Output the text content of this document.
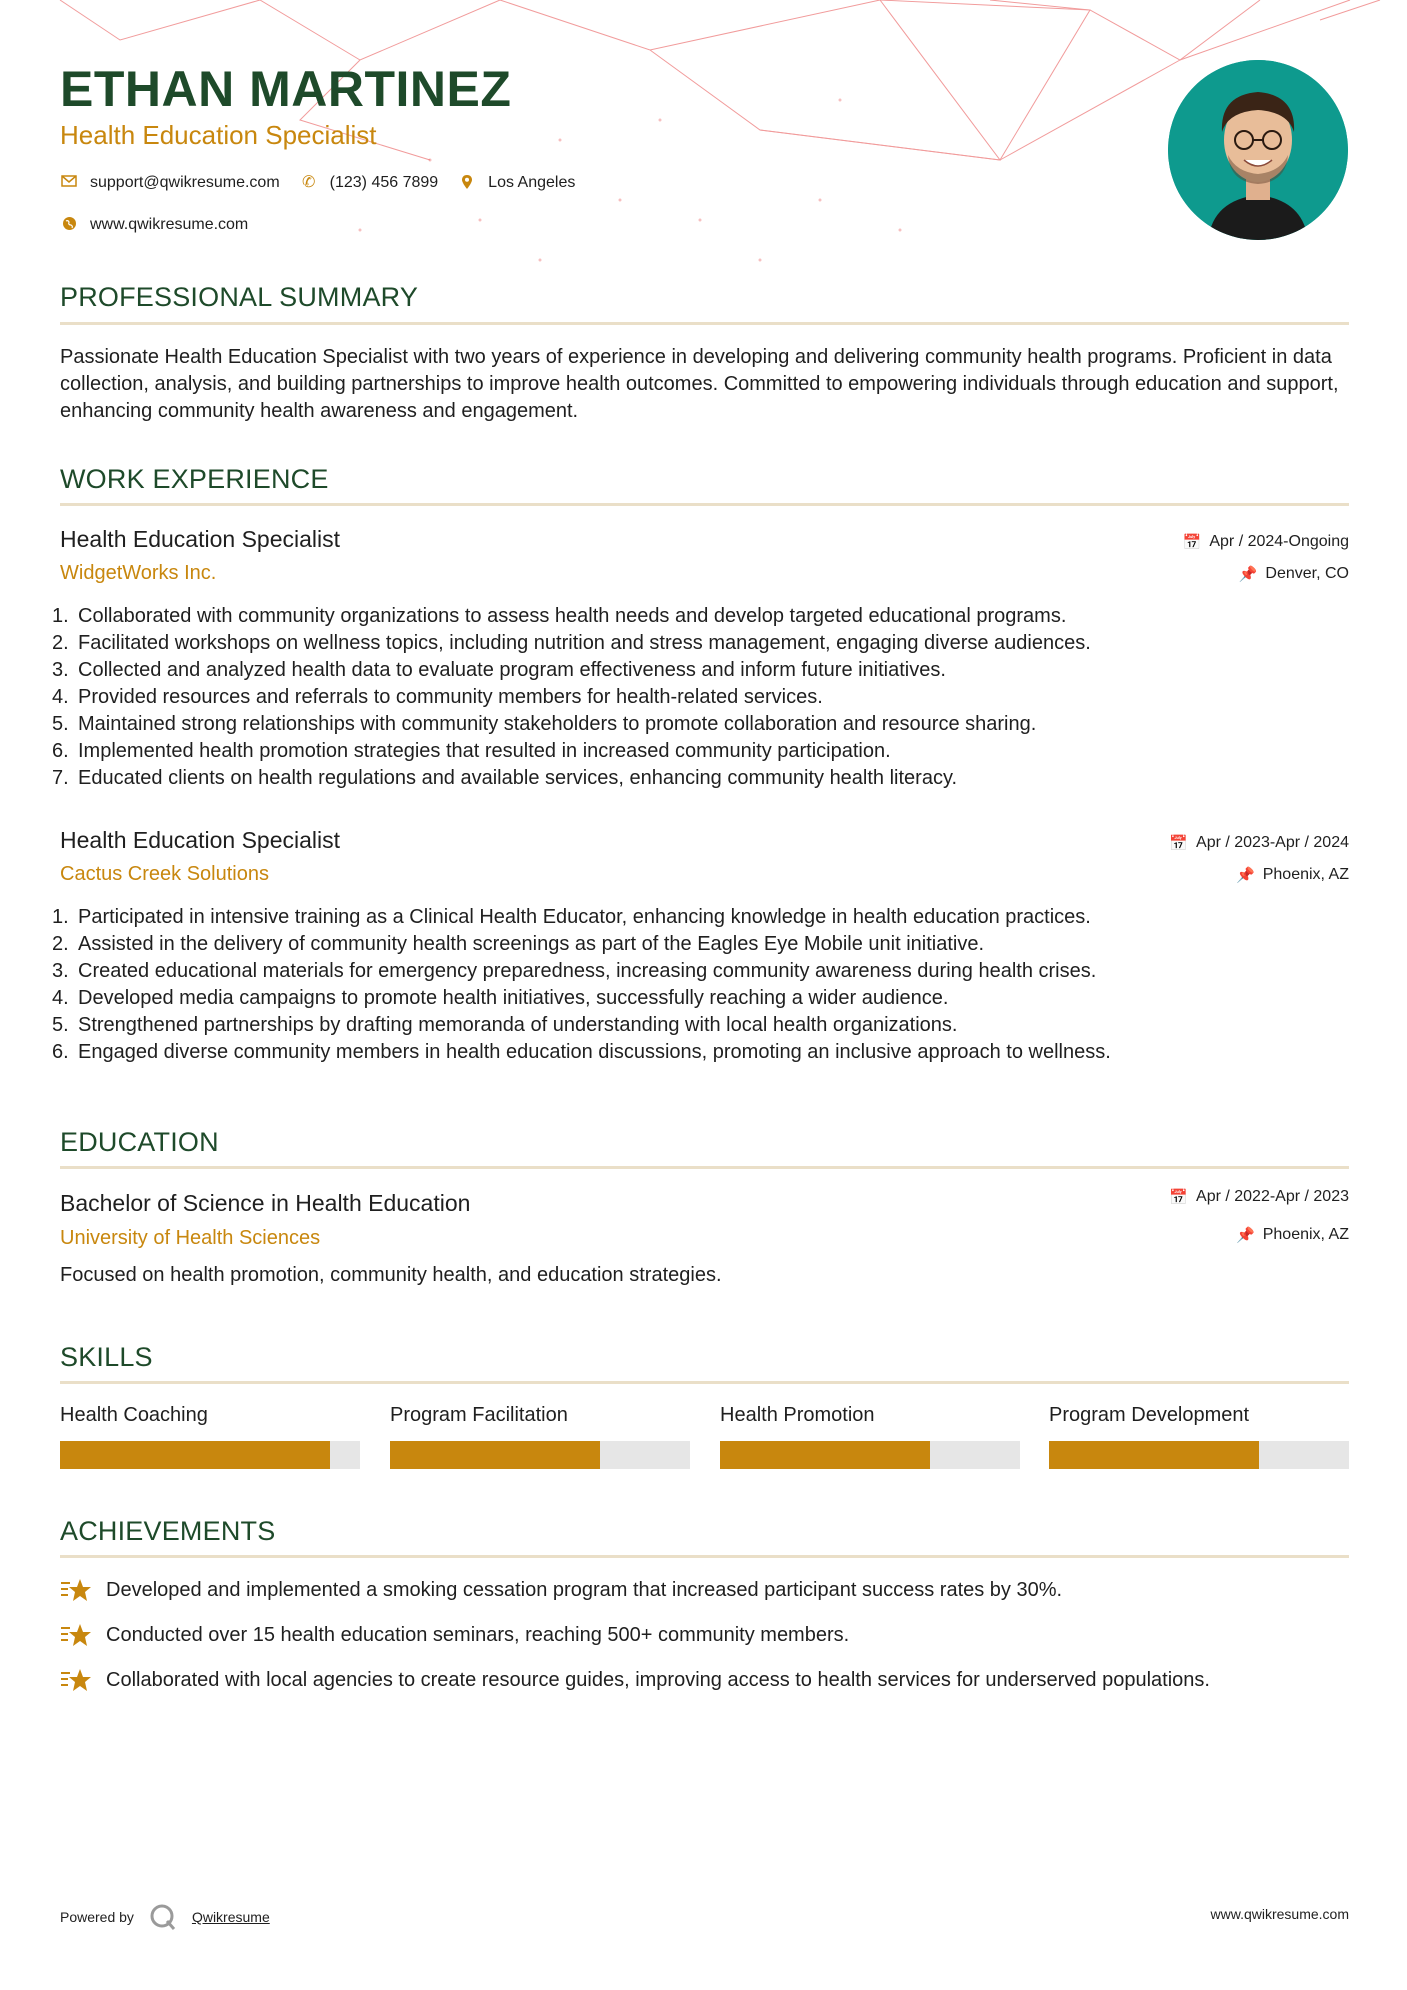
ETHAN MARTINEZ
Health Education Specialist
support@qwikresume.com ✆ (123) 456 7899	Los Angeles
www.qwikresume.com
PROFESSIONAL SUMMARY
Passionate Health Education Specialist with two years of experience in developing and delivering community health programs. Proficient in data collection, analysis, and building partnerships to improve health outcomes. Committed to empowering individuals through education and support, enhancing community health awareness and engagement.
WORK EXPERIENCE
Health Education Specialist
WidgetWorks Inc.
📅 Apr / 2024-Ongoing
📌 Denver, CO
1. Collaborated with community organizations to assess health needs and develop targeted educational programs.
2. Facilitated workshops on wellness topics, including nutrition and stress management, engaging diverse audiences.
3. Collected and analyzed health data to evaluate program effectiveness and inform future initiatives.
4. Provided resources and referrals to community members for health-related services.
5. Maintained strong relationships with community stakeholders to promote collaboration and resource sharing.
6. Implemented health promotion strategies that resulted in increased community participation.
7. Educated clients on health regulations and available services, enhancing community health literacy.
Health Education Specialist
Cactus Creek Solutions
📅 Apr / 2023-Apr / 2024
📌 Phoenix, AZ
1. Participated in intensive training as a Clinical Health Educator, enhancing knowledge in health education practices.
2. Assisted in the delivery of community health screenings as part of the Eagles Eye Mobile unit initiative.
3. Created educational materials for emergency preparedness, increasing community awareness during health crises.
4. Developed media campaigns to promote health initiatives, successfully reaching a wider audience.
5. Strengthened partnerships by drafting memoranda of understanding with local health organizations.
6. Engaged diverse community members in health education discussions, promoting an inclusive approach to wellness.
EDUCATION
Bachelor of Science in Health Education
University of Health Sciences
📅 Apr / 2022-Apr / 2023
📌 Phoenix, AZ
Focused on health promotion, community health, and education strategies.
SKILLS
Health Coaching	Program Facilitation	Health Promotion	Program Development
ACHIEVEMENTS
Developed and implemented a smoking cessation program that increased participant success rates by 30%.
Conducted over 15 health education seminars, reaching 500+ community members.
Collaborated with local agencies to create resource guides, improving access to health services for underserved populations.
Powered by	Qwikresume	www.qwikresume.com
